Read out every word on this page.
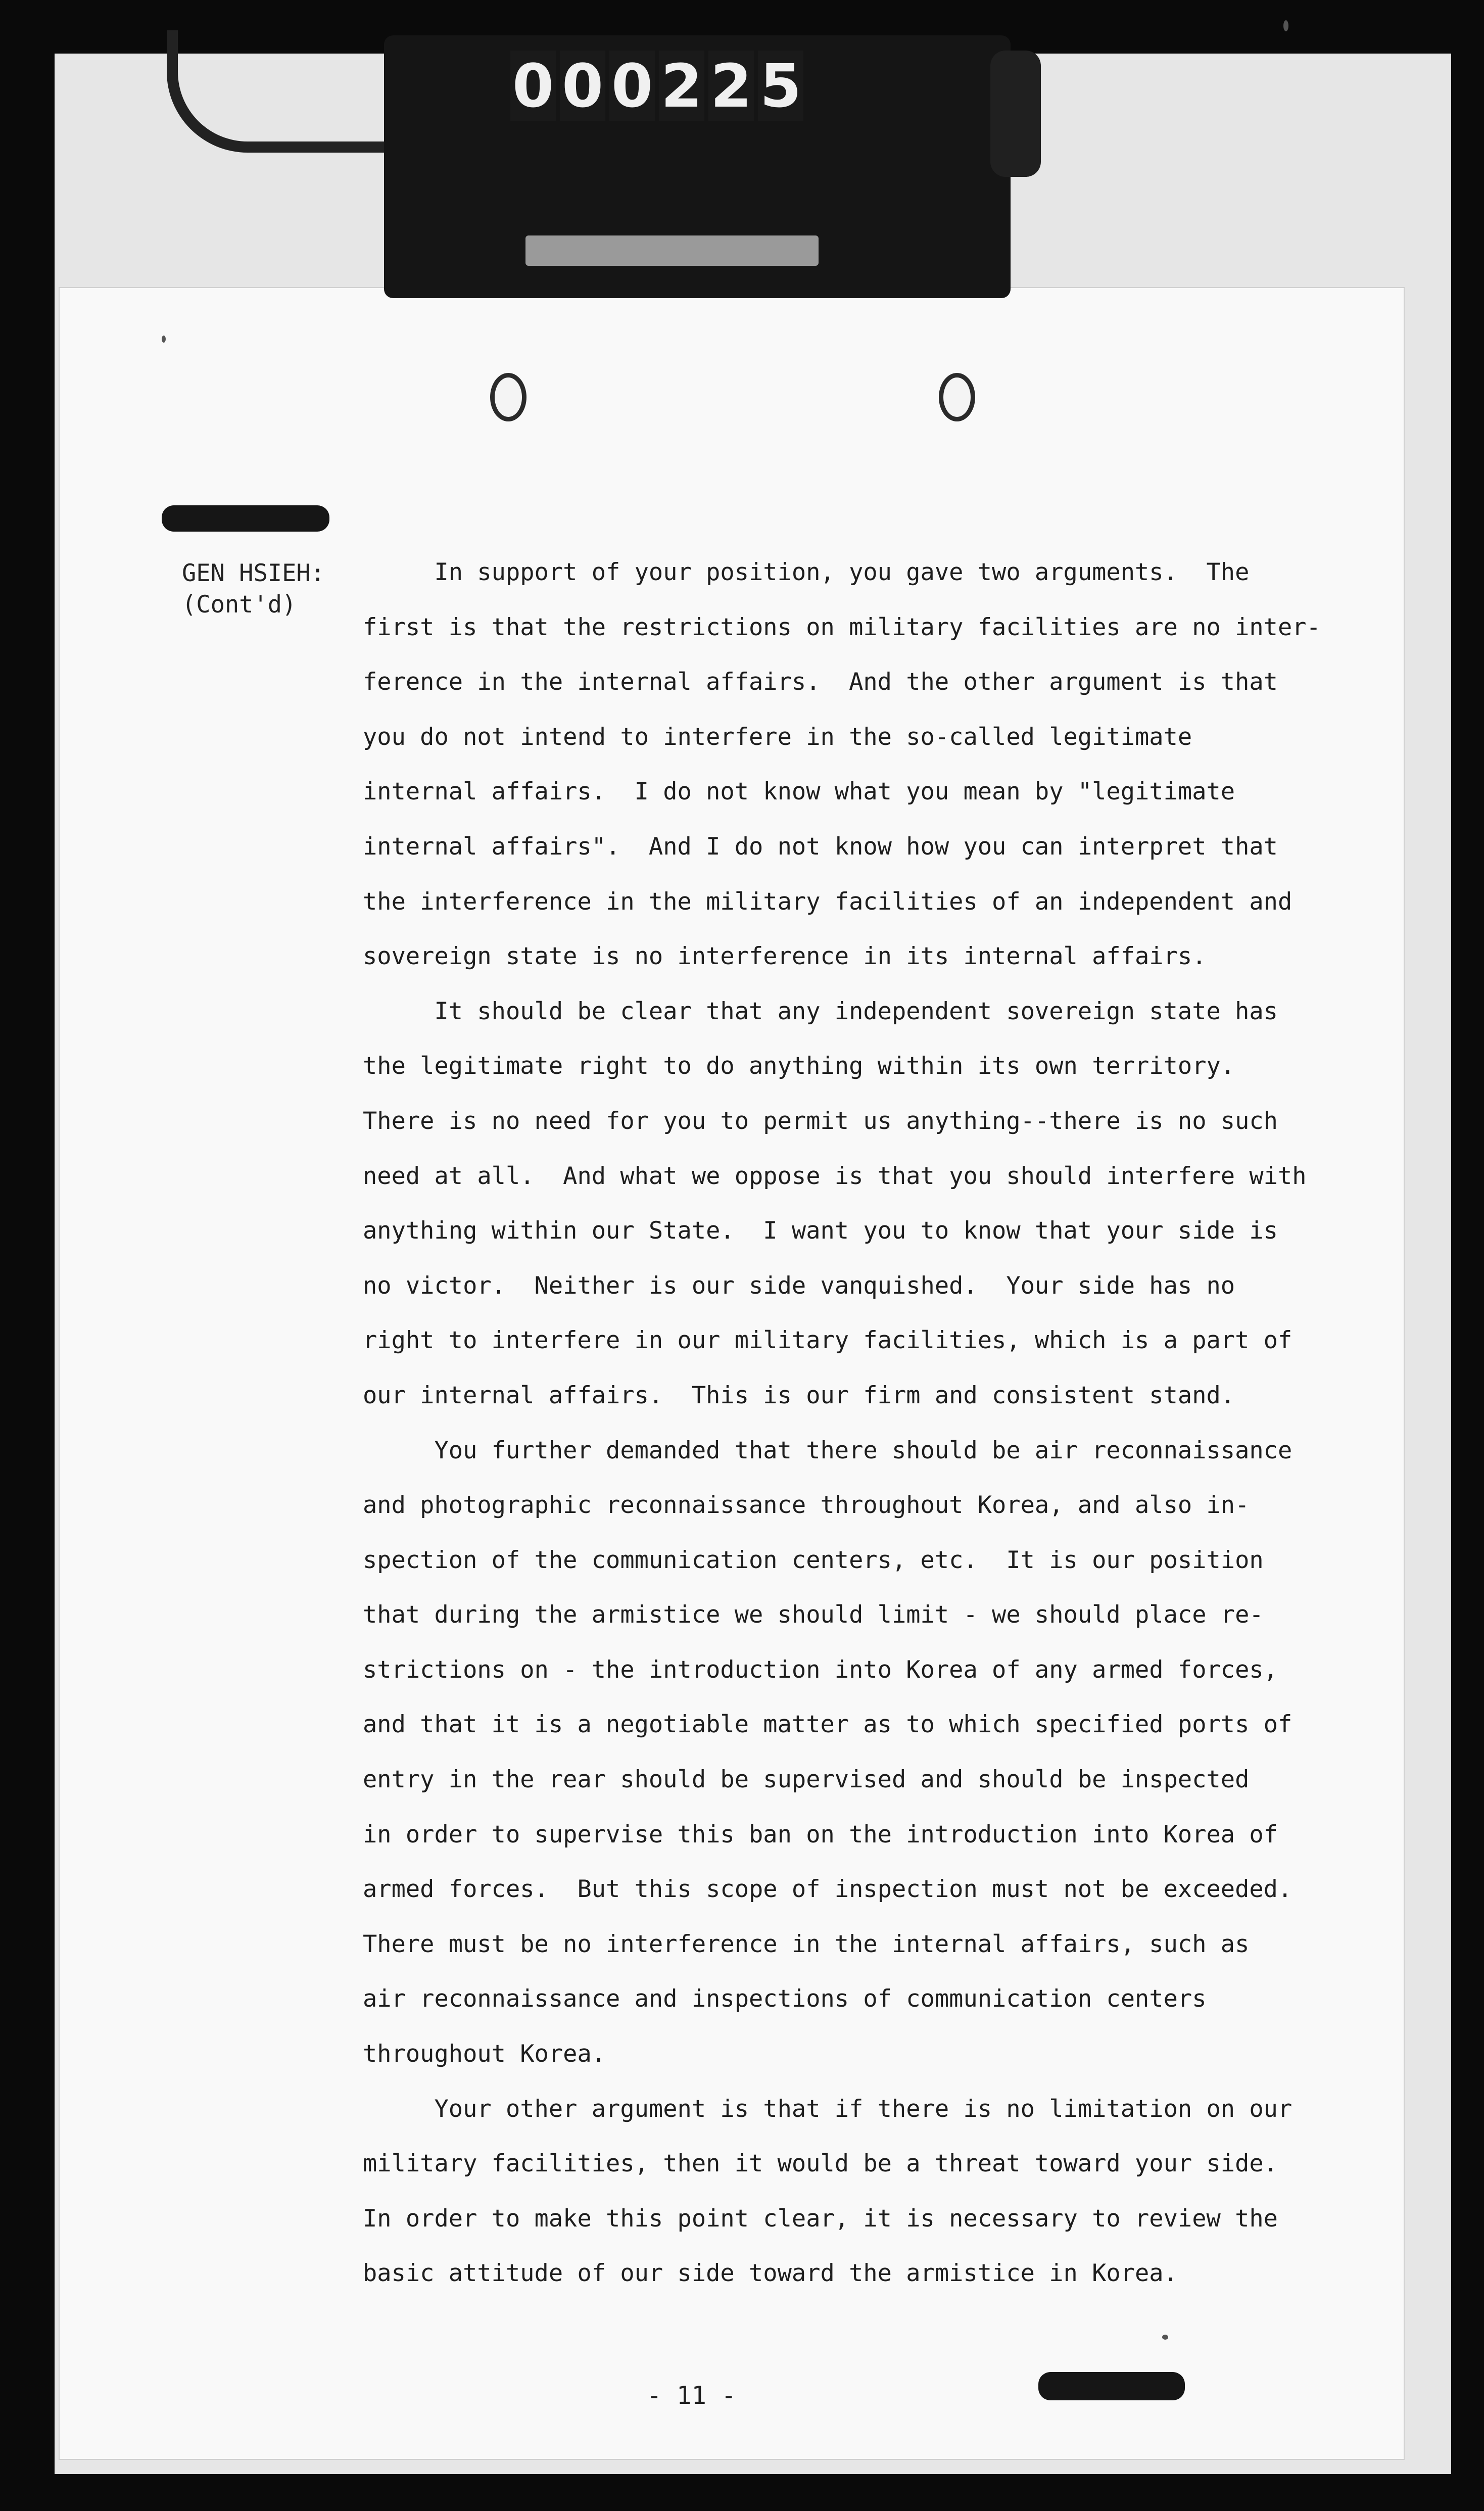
0 0 0 2 2 5
GEN HSIEH:
(Cont'd)
In support of your position, you gave two arguments.  The
first is that the restrictions on military facilities are no inter-
ference in the internal affairs.  And the other argument is that
you do not intend to interfere in the so-called legitimate
internal affairs.  I do not know what you mean by "legitimate
internal affairs".  And I do not know how you can interpret that
the interference in the military facilities of an independent and
sovereign state is no interference in its internal affairs.
It should be clear that any independent sovereign state has
the legitimate right to do anything within its own territory.
There is no need for you to permit us anything--there is no such
need at all.  And what we oppose is that you should interfere with
anything within our State.  I want you to know that your side is
no victor.  Neither is our side vanquished.  Your side has no
right to interfere in our military facilities, which is a part of
our internal affairs.  This is our firm and consistent stand.
You further demanded that there should be air reconnaissance
and photographic reconnaissance throughout Korea, and also in-
spection of the communication centers, etc.  It is our position
that during the armistice we should limit - we should place re-
strictions on - the introduction into Korea of any armed forces,
and that it is a negotiable matter as to which specified ports of
entry in the rear should be supervised and should be inspected
in order to supervise this ban on the introduction into Korea of
armed forces.  But this scope of inspection must not be exceeded.
There must be no interference in the internal affairs, such as
air reconnaissance and inspections of communication centers
throughout Korea.
Your other argument is that if there is no limitation on our
military facilities, then it would be a threat toward your side.
In order to make this point clear, it is necessary to review the
basic attitude of our side toward the armistice in Korea.
- 11 -
